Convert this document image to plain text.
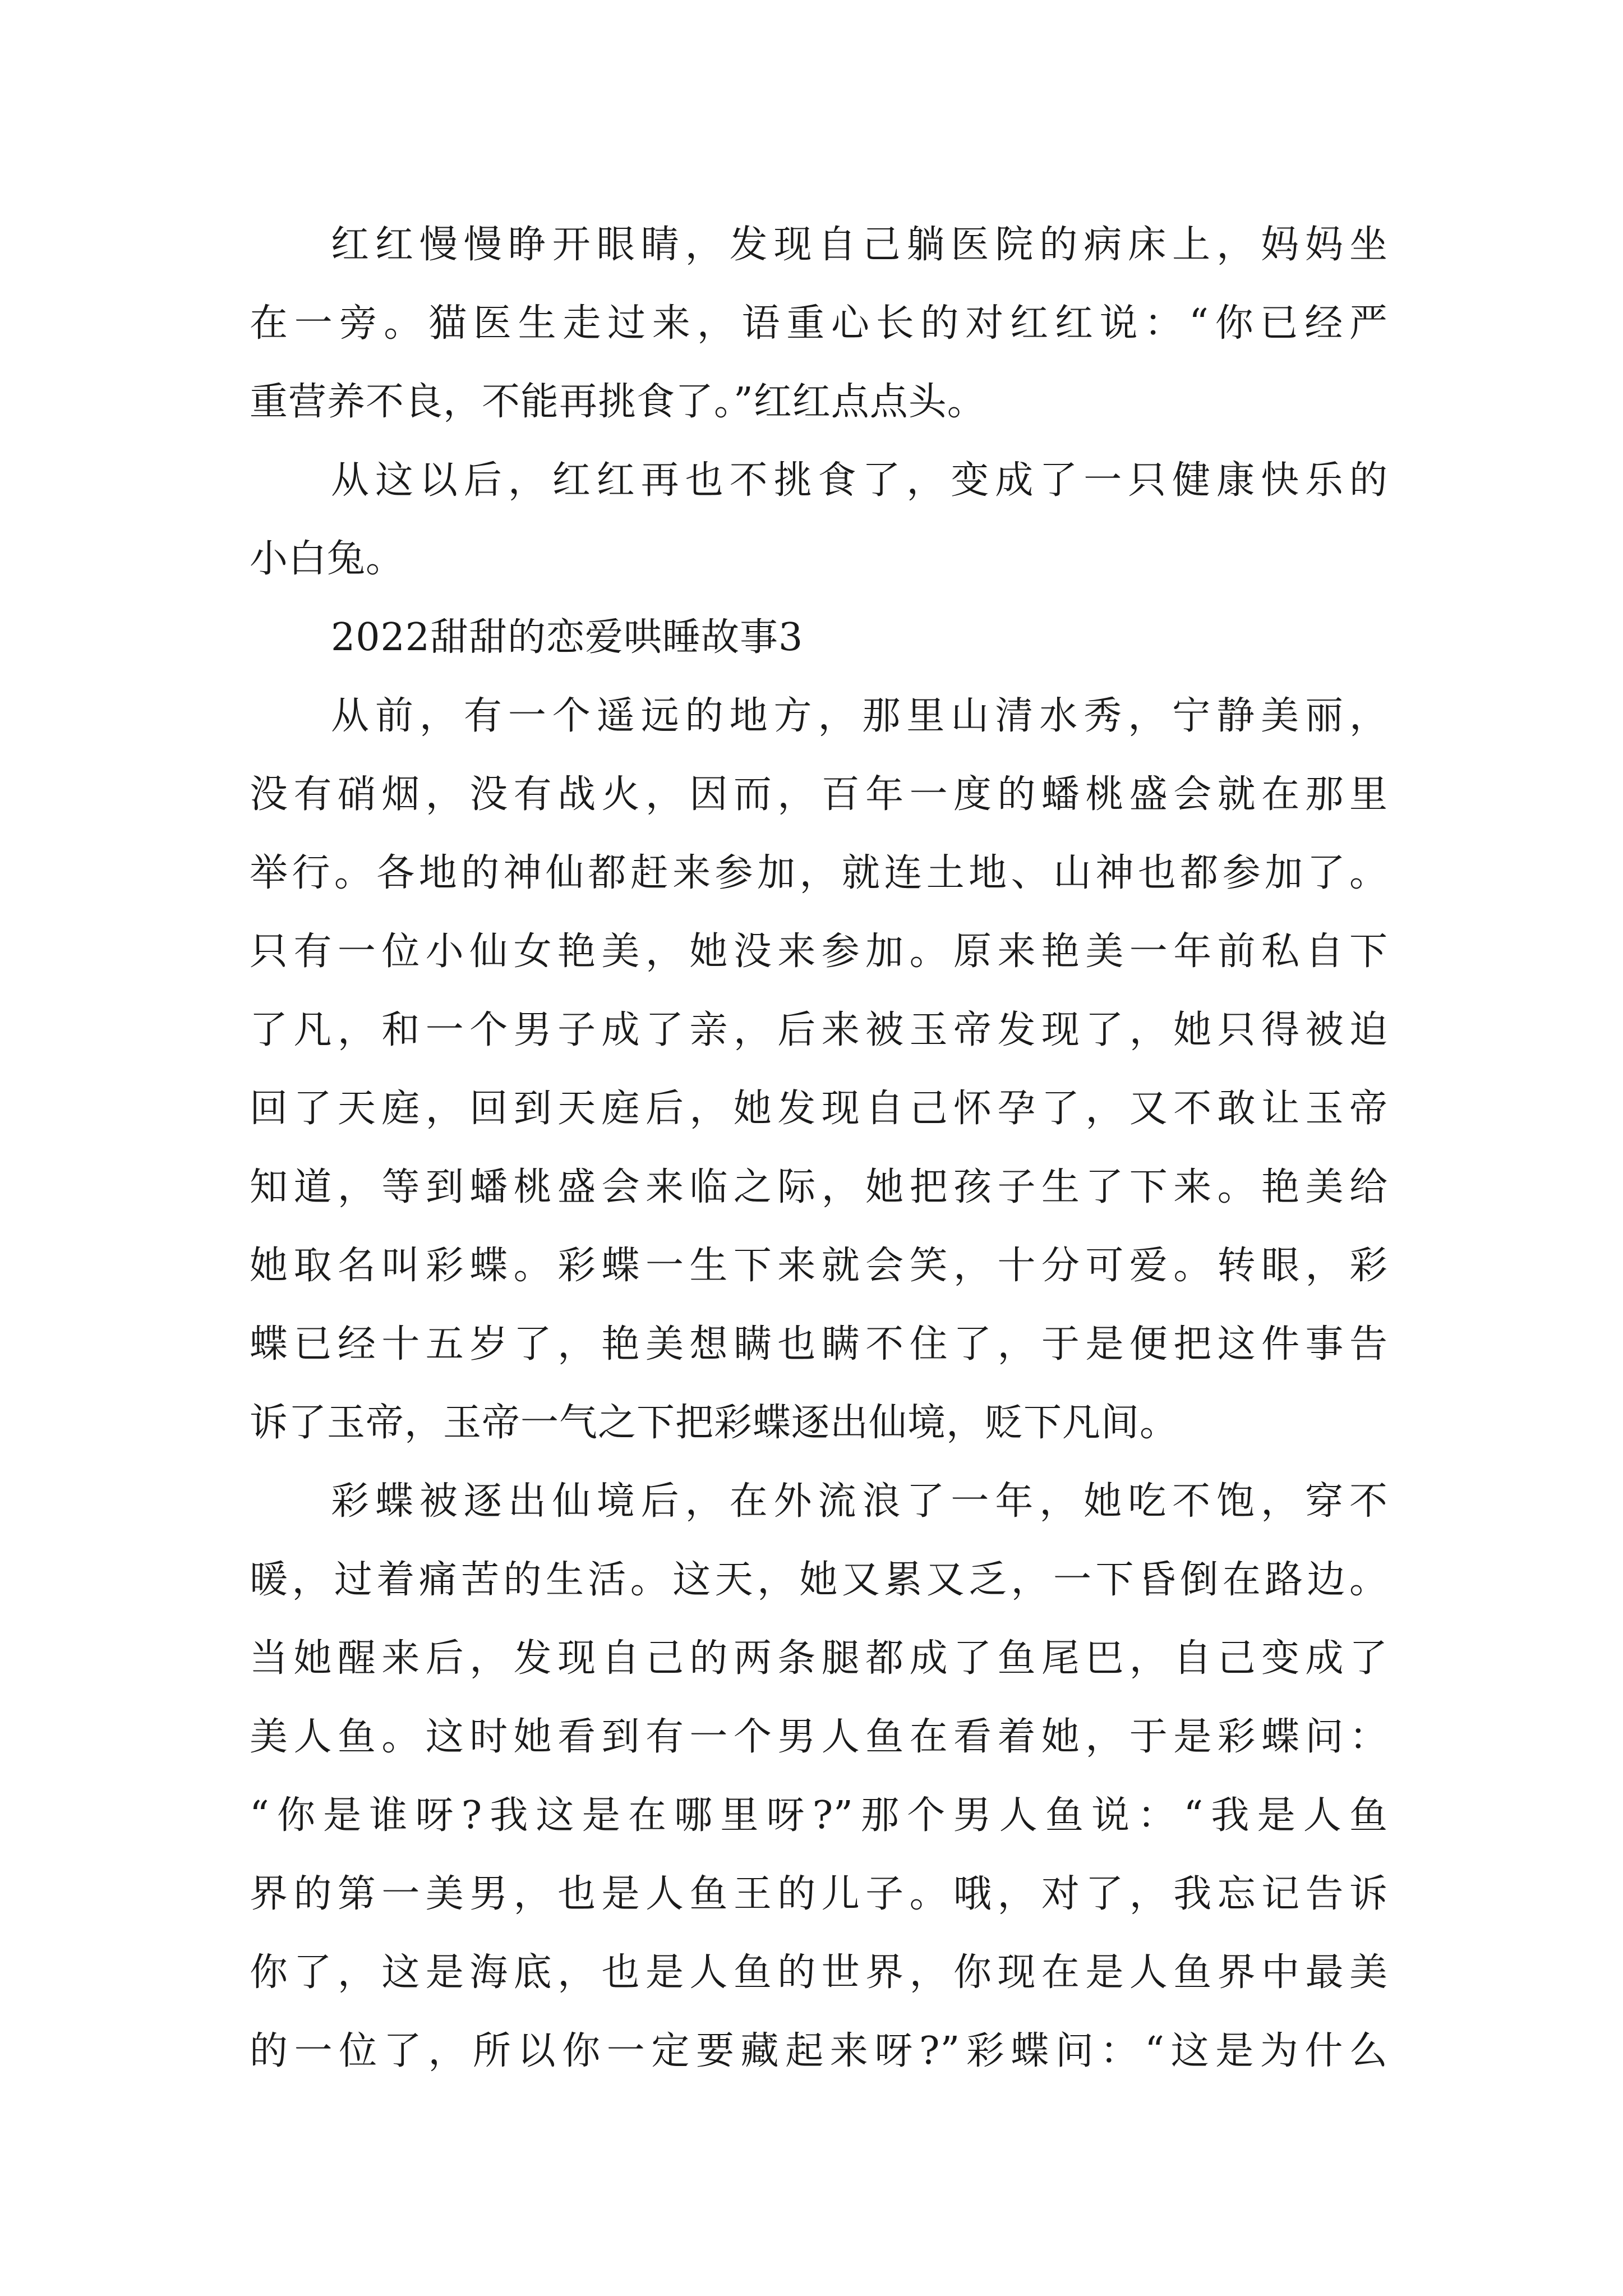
红红慢慢睁开眼睛，发现自己躺医院的病床上，妈妈坐

在一旁。猫医生走过来，语重心长的对红红说：“你已经严

重营养不良，不能再挑食了。”红红点点头。

从这以后，红红再也不挑食了，变成了一只健康快乐的

小白兔。

2022甜甜的恋爱哄睡故事3

从前，有一个遥远的地方，那里山清水秀，宁静美丽，

没有硝烟，没有战火，因而，百年一度的蟠桃盛会就在那里

举行。各地的神仙都赶来参加，就连土地、山神也都参加了。

只有一位小仙女艳美，她没来参加。原来艳美一年前私自下

了凡，和一个男子成了亲，后来被玉帝发现了，她只得被迫

回了天庭，回到天庭后，她发现自己怀孕了，又不敢让玉帝

知道，等到蟠桃盛会来临之际，她把孩子生了下来。艳美给

她取名叫彩蝶。彩蝶一生下来就会笑，十分可爱。转眼，彩

蝶已经十五岁了，艳美想瞒也瞒不住了，于是便把这件事告

诉了玉帝，玉帝一气之下把彩蝶逐出仙境，贬下凡间。

彩蝶被逐出仙境后，在外流浪了一年，她吃不饱，穿不

暖，过着痛苦的生活。这天，她又累又乏，一下昏倒在路边。

当她醒来后，发现自己的两条腿都成了鱼尾巴，自己变成了

美人鱼。这时她看到有一个男人鱼在看着她，于是彩蝶问：

“你是谁呀?我这是在哪里呀?”那个男人鱼说：“我是人鱼

界的第一美男，也是人鱼王的儿子。哦，对了，我忘记告诉

你了，这是海底，也是人鱼的世界，你现在是人鱼界中最美

的一位了，所以你一定要藏起来呀?”彩蝶问：“这是为什么
